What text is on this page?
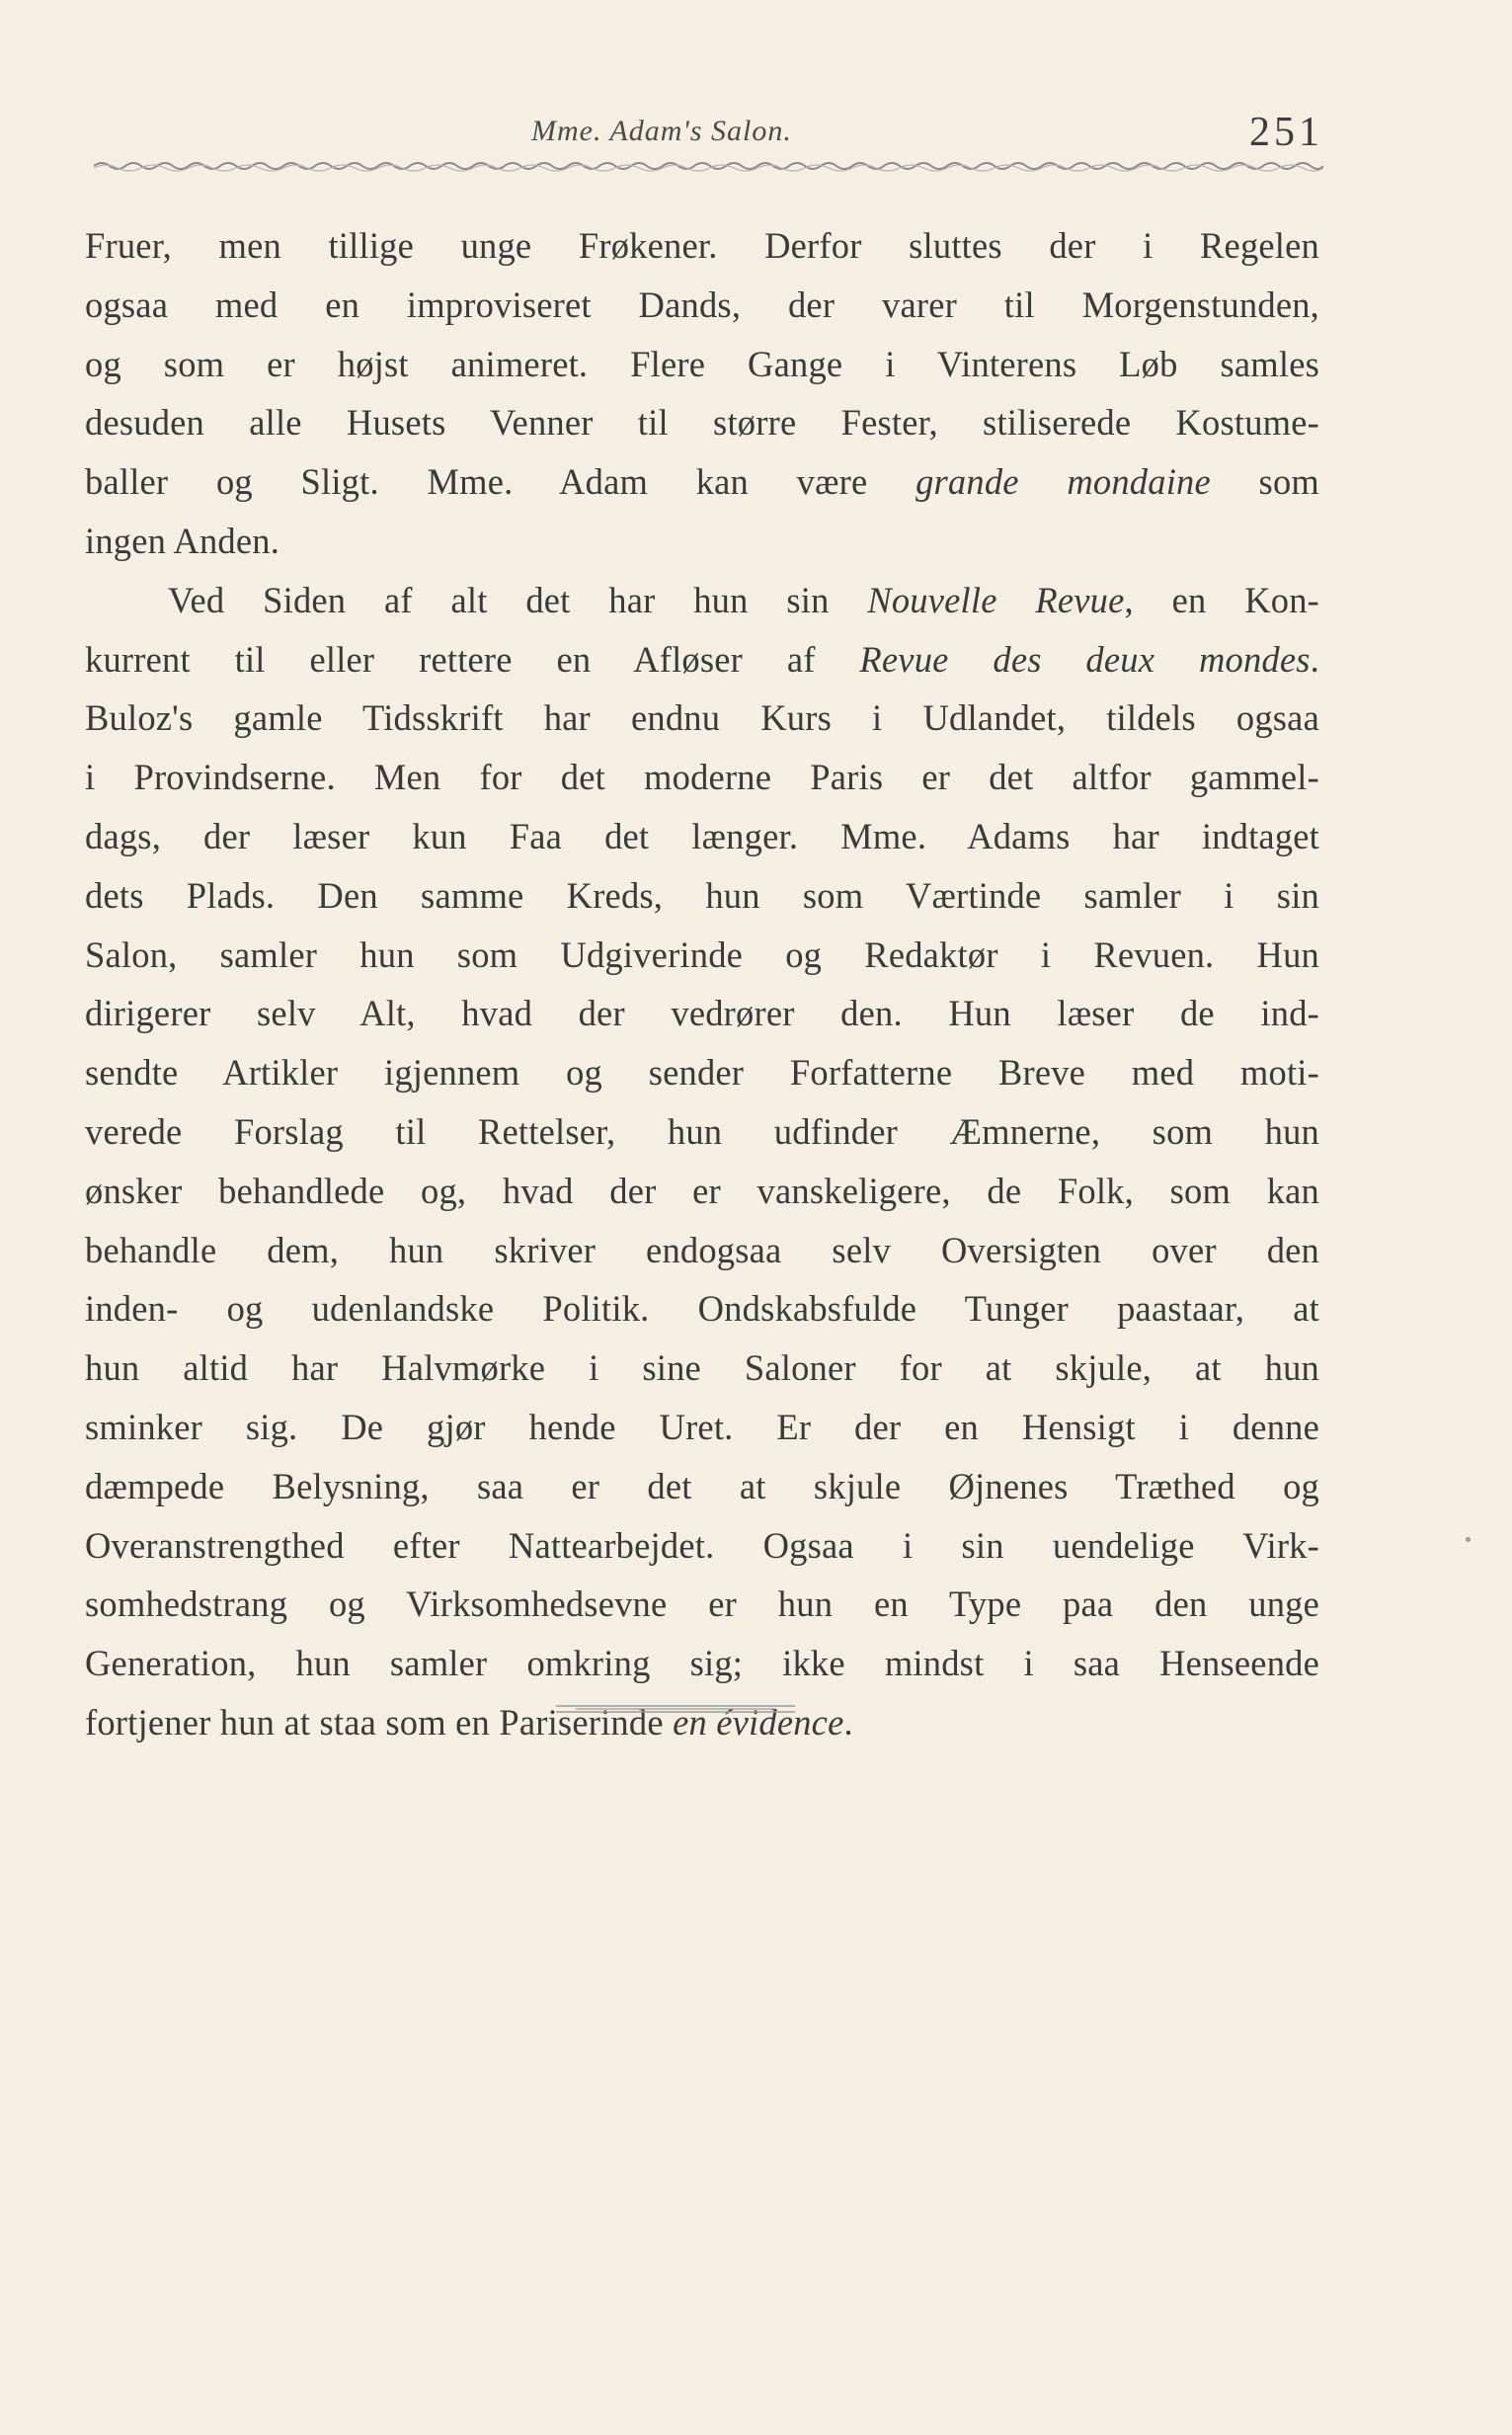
Mme. Adam's Salon.	251
Fruer, men tillige unge Frøkener. Derfor sluttes der i Regelen
ogsaa med en improviseret Dands, der varer til Morgenstunden,
og som er højst animeret. Flere Gange i Vinterens Løb samles
desuden alle Husets Venner til større Fester, stiliserede Kostume-
baller og Sligt. Mme. Adam kan være grande mondaine som
ingen Anden.
Ved Siden af alt det har hun sin Nouvelle Revue, en Kon-
kurrent til eller rettere en Afløser af Revue des deux mondes.
Buloz's gamle Tidsskrift har endnu Kurs i Udlandet, tildels ogsaa
i Provindserne. Men for det moderne Paris er det altfor gammel-
dags, der læser kun Faa det længer. Mme. Adams har indtaget
dets Plads. Den samme Kreds, hun som Værtinde samler i sin
Salon, samler hun som Udgiverinde og Redaktør i Revuen. Hun
dirigerer selv Alt, hvad der vedrører den. Hun læser de ind-
sendte Artikler igjennem og sender Forfatterne Breve med moti-
verede Forslag til Rettelser, hun udfinder Æmnerne, som hun
ønsker behandlede og, hvad der er vanskeligere, de Folk, som kan
behandle dem, hun skriver endogsaa selv Oversigten over den
inden- og udenlandske Politik. Ondskabsfulde Tunger paastaar, at
hun altid har Halvmørke i sine Saloner for at skjule, at hun
sminker sig. De gjør hende Uret. Er der en Hensigt i denne
dæmpede Belysning, saa er det at skjule Øjnenes Træthed og
Overanstrengthed efter Nattearbejdet. Ogsaa i sin uendelige Virk-
somhedstrang og Virksomhedsevne er hun en Type paa den unge
Generation, hun samler omkring sig; ikke mindst i saa Henseende
fortjener hun at staa som en Pariserinde en évidence.
